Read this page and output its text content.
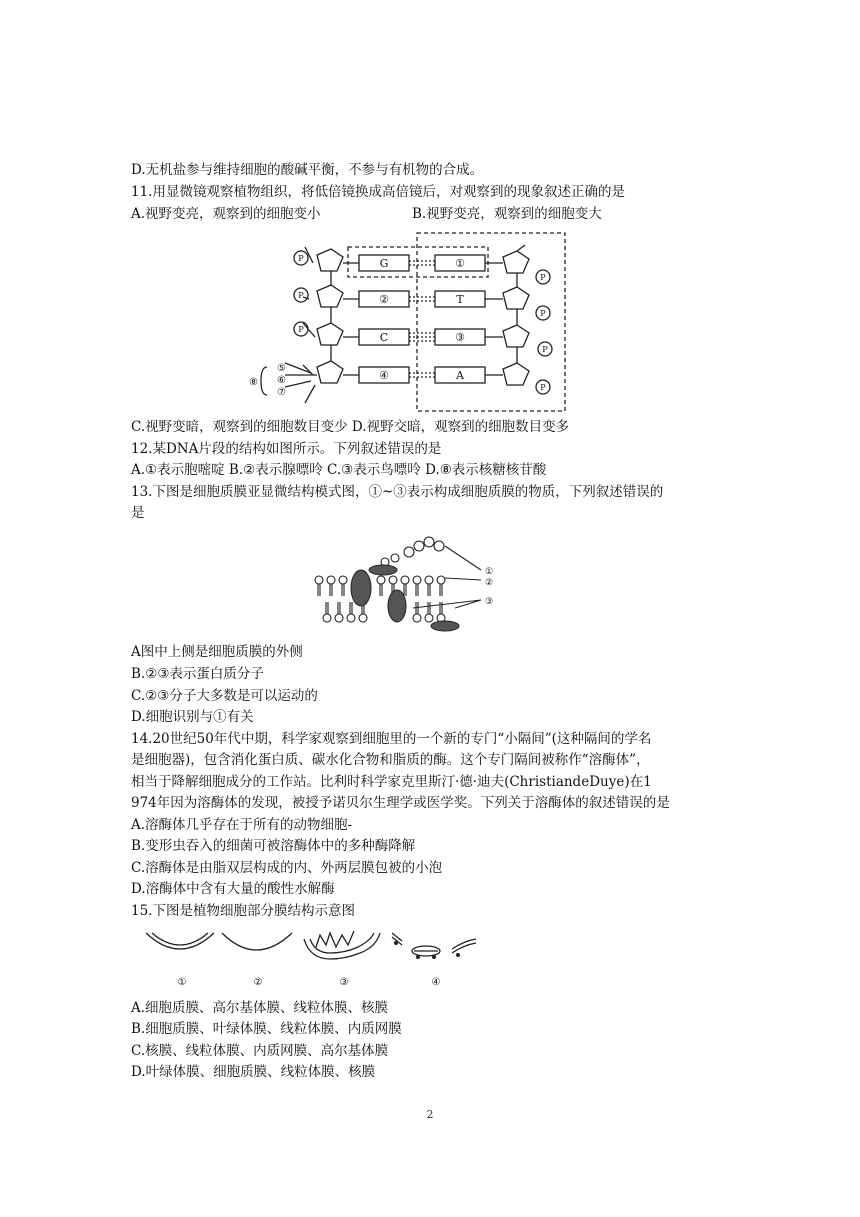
D.无机盐参与维持细胞的酸碱平衡，不参与有机物的合成。
11.用显微镜观察植物组织，将低倍镜换成高倍镜后，对观察到的现象叙述正确的是
A.视野变亮，观察到的细胞变小	B.视野变亮，观察到的细胞变大
P
P
P
P
P
P
P
G
②
C
④
①
T
③
A
⑤
⑥
⑦
⑧
C.视野变暗，观察到的细胞数目变少 D.视野交暗，观察到的细胞数目变多
12.某DNA片段的结构如图所示。下列叙述错误的是
A.①表示胞嘧啶 B.②表示腺嘌呤 C.③表示鸟嘌呤 D.⑧表示核糖核苷酸
13.下图是细胞质膜亚显微结构模式图，①~③表示构成细胞质膜的物质，下列叙述错误的
是
①
②
③
A图中上侧是细胞质膜的外侧
B.②③表示蛋白质分子
C.②③分子大多数是可以运动的
D.细胞识别与①有关
14.20世纪50年代中期，科学家观察到细胞里的一个新的专门“小隔间”(这种隔间的学名
是细胞器)，包含消化蛋白质、碳水化合物和脂质的酶。这个专门隔间被称作“溶酶体”，
相当于降解细胞成分的工作站。比利时科学家克里斯汀·德·迪夫(ChristiandeDuye)在1
974年因为溶酶体的发现，被授予诺贝尔生理学或医学奖。下列关于溶酶体的叙述错误的是
A.溶酶体几乎存在于所有的动物细胞-
B.变形虫吞入的细菌可被溶酶体中的多种酶降解
C.溶酶体是由脂双层构成的内、外两层膜包被的小泡
D.溶酶体中含有大量的酸性水解酶
15.下图是植物细胞部分膜结构示意图
①	②	③	④
A.细胞质膜、高尔基体膜、线粒体膜、核膜
B.细胞质膜、叶绿体膜、线粒体膜、内质网膜
C.核膜、线粒体膜、内质网膜、高尔基体膜
D.叶绿体膜、细胞质膜、线粒体膜、核膜
2
